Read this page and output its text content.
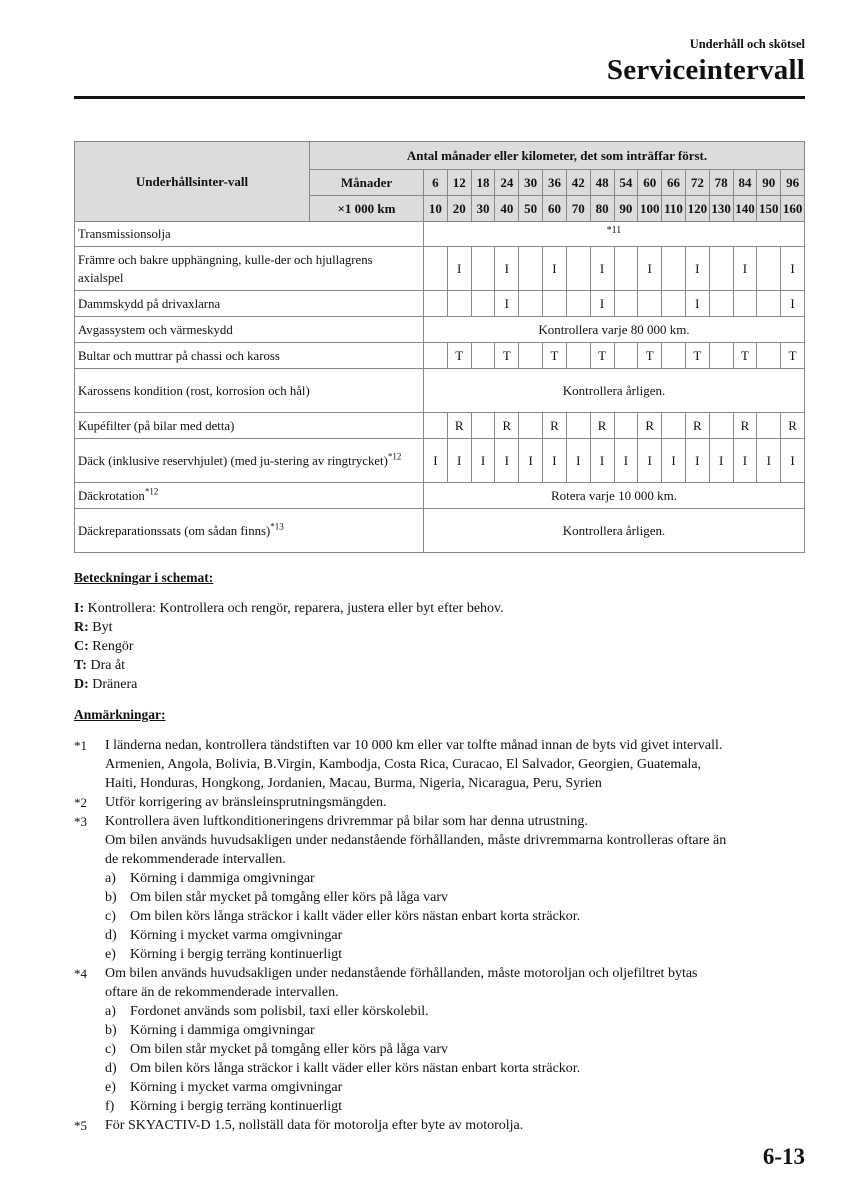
Underhåll och skötsel
Serviceintervall
Underhållsinter-vall	Antal månader eller kilometer, det som inträffar först.																
	Månader	6	12	18	24	30	36	42	48	54	60	66	72	78	84	90	96
	×1 000 km	10	20	30	40	50	60	70	80	90	100	110	120	130	140	150	160
Transmissionsolja		*11															
Främre och bakre upphängning, kulle-der och hjullagrens axialspel			I		I		I		I		I		I		I		I
Dammskydd på drivaxlarna					I				I				I				I
Avgassystem och värmeskydd		Kontrollera varje 80 000 km.															
Bultar och muttrar på chassi och kaross			T		T		T		T		T		T		T		T
Karossens kondition (rost, korrosion och hål)		Kontrollera årligen.															
Kupéfilter (på bilar med detta)			R		R		R		R		R		R		R		R
Däck (inklusive reservhjulet) (med ju-stering av ringtrycket)$^{*12}$		I	I	I	I	I	I	I	I	I	I	I	I	I	I	I	I
Däckrotation$^{*12}$		Rotera varje 10 000 km.															
Däckreparationssats (om sådan finns)$^{*13}$		Kontrollera årligen.															
Beteckningar i schemat:
I: Kontrollera: Kontrollera och rengör, reparera, justera eller byt efter behov.
R: Byt
C: Rengör
T: Dra åt
D: Dränera
Anmärkningar:
*1 I länderna nedan, kontrollera tändstiften var 10 000 km eller var tolfte månad innan de byts vid givet intervall.
Armenien, Angola, Bolivia, B.Virgin, Kambodja, Costa Rica, Curacao, El Salvador, Georgien, Guatemala,
Haiti, Honduras, Hongkong, Jordanien, Macau, Burma, Nigeria, Nicaragua, Peru, Syrien
*2 Utför korrigering av bränsleinsprutningsmängden.
*3 Kontrollera även luftkonditioneringens drivremmar på bilar som har denna utrustning.
Om bilen används huvudsakligen under nedanstående förhållanden, måste drivremmarna kontrolleras oftare än
de rekommenderade intervallen.
a) Körning i dammiga omgivningar
b) Om bilen står mycket på tomgång eller körs på låga varv
c) Om bilen körs långa sträckor i kallt väder eller körs nästan enbart korta sträckor.
d) Körning i mycket varma omgivningar
e) Körning i bergig terräng kontinuerligt
*4 Om bilen används huvudsakligen under nedanstående förhållanden, måste motoroljan och oljefiltret bytas
oftare än de rekommenderade intervallen.
a) Fordonet används som polisbil, taxi eller körskolebil.
b) Körning i dammiga omgivningar
c) Om bilen står mycket på tomgång eller körs på låga varv
d) Om bilen körs långa sträckor i kallt väder eller körs nästan enbart korta sträckor.
e) Körning i mycket varma omgivningar
f) Körning i bergig terräng kontinuerligt
*5 För SKYACTIV-D 1.5, nollställ data för motorolja efter byte av motorolja.
6-13
